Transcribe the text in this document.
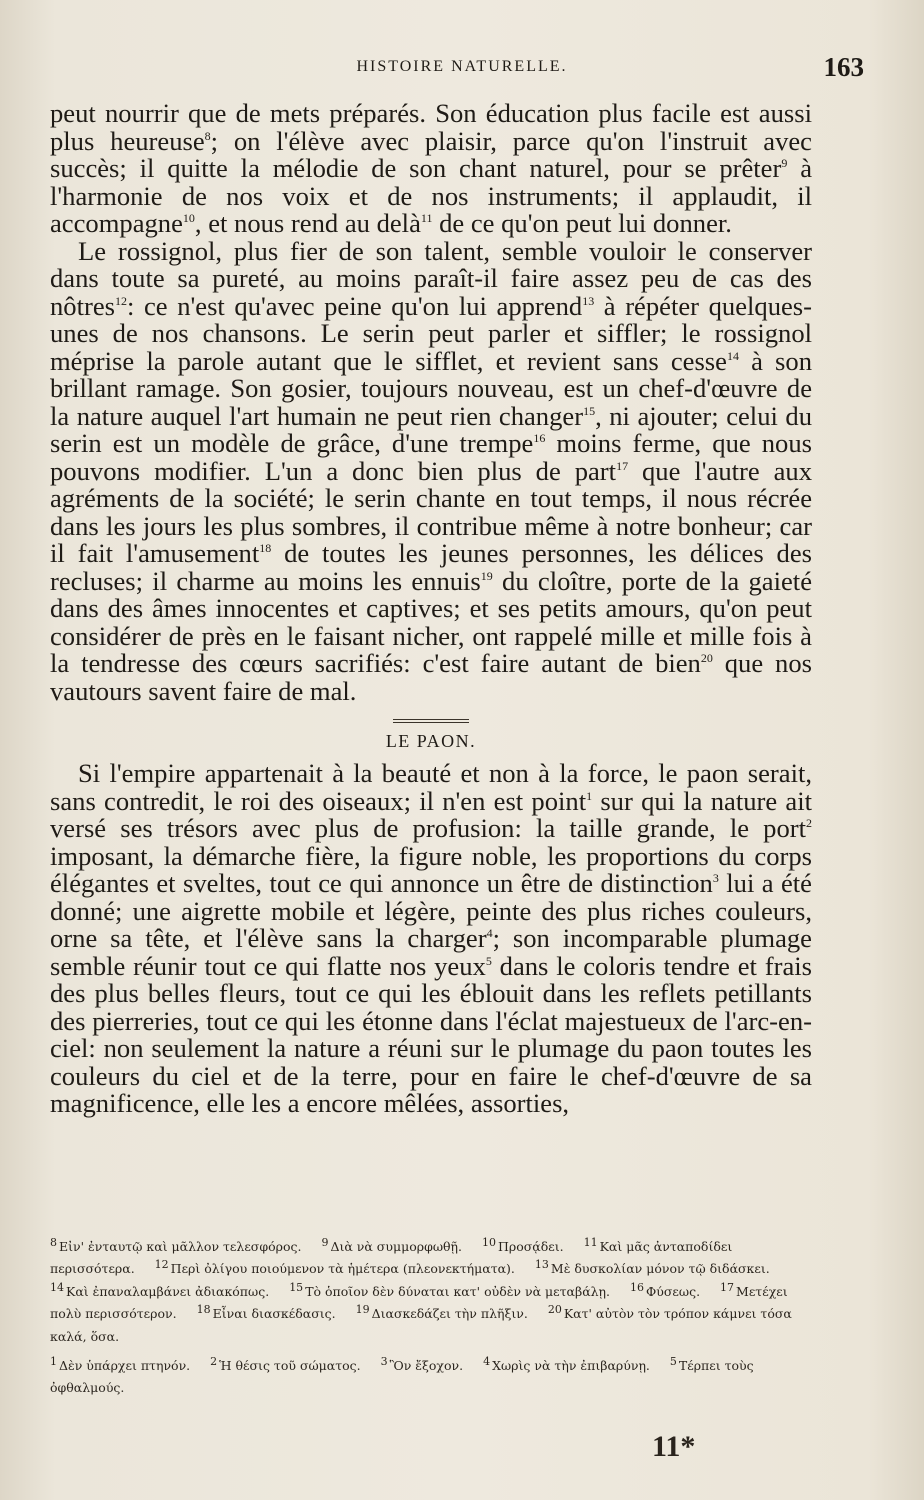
HISTOIRE NATURELLE.	163

peut nourrir que de mets préparés. Son éducation plus facile est aussi plus heureuse$^8$; on l'élève avec plaisir, parce qu'on l'instruit avec succès; il quitte la mélodie de son chant naturel, pour se prêter$^9$ à l'harmonie de nos voix et de nos instruments; il applaudit, il accompagne$^{10}$, et nous rend au delà$^{11}$ de ce qu'on peut lui donner.

Le rossignol, plus fier de son talent, semble vouloir le conserver dans toute sa pureté, au moins paraît-il faire assez peu de cas des nôtres$^{12}$: ce n'est qu'avec peine qu'on lui apprend$^{13}$ à répéter quelques-unes de nos chansons. Le serin peut parler et siffler; le rossignol méprise la parole autant que le sifflet, et revient sans cesse$^{14}$ à son brillant ramage. Son gosier, toujours nouveau, est un chef-d'œuvre de la nature auquel l'art humain ne peut rien changer$^{15}$, ni ajouter; celui du serin est un modèle de grâce, d'une trempe$^{16}$ moins ferme, que nous pouvons modifier. L'un a donc bien plus de part$^{17}$ que l'autre aux agréments de la société; le serin chante en tout temps, il nous récrée dans les jours les plus sombres, il contribue même à notre bonheur; car il fait l'amusement$^{18}$ de toutes les jeunes personnes, les délices des recluses; il charme au moins les ennuis$^{19}$ du cloître, porte de la gaieté dans des âmes innocentes et captives; et ses petits amours, qu'on peut considérer de près en le faisant nicher, ont rappelé mille et mille fois à la tendresse des cœurs sacrifiés: c'est faire autant de bien$^{20}$ que nos vautours savent faire de mal.

LE PAON.

Si l'empire appartenait à la beauté et non à la force, le paon serait, sans contredit, le roi des oiseaux; il n'en est point$^1$ sur qui la nature ait versé ses trésors avec plus de profusion: la taille grande, le port$^2$ imposant, la démarche fière, la figure noble, les proportions du corps élégantes et sveltes, tout ce qui annonce un être de distinction$^3$ lui a été donné; une aigrette mobile et légère, peinte des plus riches couleurs, orne sa tête, et l'élève sans la charger$^4$; son incomparable plumage semble réunir tout ce qui flatte nos yeux$^5$ dans le coloris tendre et frais des plus belles fleurs, tout ce qui les éblouit dans les reflets petillants des pierreries, tout ce qui les étonne dans l'éclat majestueux de l'arc-en-ciel: non seulement la nature a réuni sur le plumage du paon toutes les couleurs du ciel et de la terre, pour en faire le chef-d'œuvre de sa magnificence, elle les a encore mêlées, assorties,

8 Εἰν' ἐνταυτῷ καὶ μᾶλλον τελεσφόρος. 9 Διὰ νὰ συμμορφωθῇ. 10 Προσᾴδει. 11 Καὶ μᾶς ἀνταποδίδει περισσότερα. 12 Περὶ ὀλίγου ποιούμενον τὰ ἡμέτερα (πλεονεκτήματα). 13 Μὲ δυσκολίαν μόνον τῷ διδάσκει. 14 Καὶ ἐπαναλαμβάνει ἀδιακόπως. 15 Τὸ ὁποῖον δὲν δύναται κατ' οὐδὲν νὰ μεταβάλῃ. 16 Φύσεως. 17 Μετέχει πολὺ περισσότερον. 18 Εἶναι διασκέδασις. 19 Διασκεδάζει τὴν πλῆξιν. 20 Κατ' αὐτὸν τὸν τρόπον κάμνει τόσα καλά, ὅσα.
1 Δὲν ὑπάρχει πτηνόν. 2 Ἡ θέσις τοῦ σώματος. 3 Ὃν ἔξοχον. 4 Χωρὶς νὰ τὴν ἐπιβαρύνῃ. 5 Τέρπει τοὺς ὀφθαλμούς.
11*
